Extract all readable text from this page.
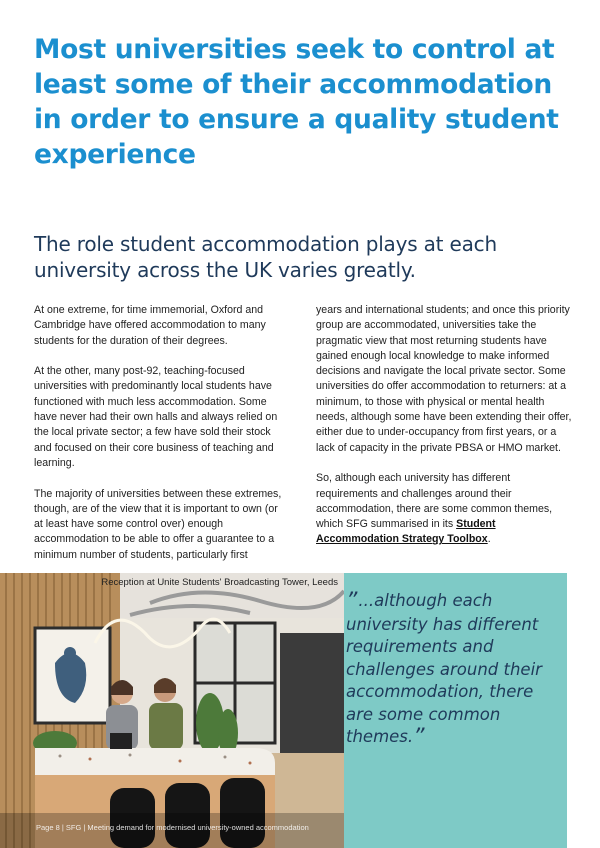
Most universities seek to control at least some of their accommodation in order to ensure a quality student experience
The role student accommodation plays at each university across the UK varies greatly.

At one extreme, for time immemorial, Oxford and Cambridge have offered accommodation to many students for the duration of their degrees.

At the other, many post-92, teaching-focused universities with predominantly local students have functioned with much less accommodation. Some have never had their own halls and always relied on the local private sector; a few have sold their stock and focused on their core business of teaching and learning.

The majority of universities between these extremes, though, are of the view that it is important to own (or at least have some control over) enough accommodation to be able to offer a guarantee to a minimum number of students, particularly first

years and international students; and once this priority group are accommodated, universities take the pragmatic view that most returning students have gained enough local knowledge to make informed decisions and navigate the local private sector. Some universities do offer accommodation to returners: at a minimum, to those with physical or mental health needs, although some have been extending their offer, either due to under-occupancy from first years, or a lack of capacity in the private PBSA or HMO market.

So, although each university has different requirements and challenges around their accommodation, there are some common themes, which SFG summarised in its Student Accommodation Strategy Toolbox.

Reception at Unite Students' Broadcasting Tower, Leeds
”...although each university has different requirements and challenges around their accommodation, there are some common themes.”
Page 8 | SFG | Meeting demand for modernised university-owned accommodation
